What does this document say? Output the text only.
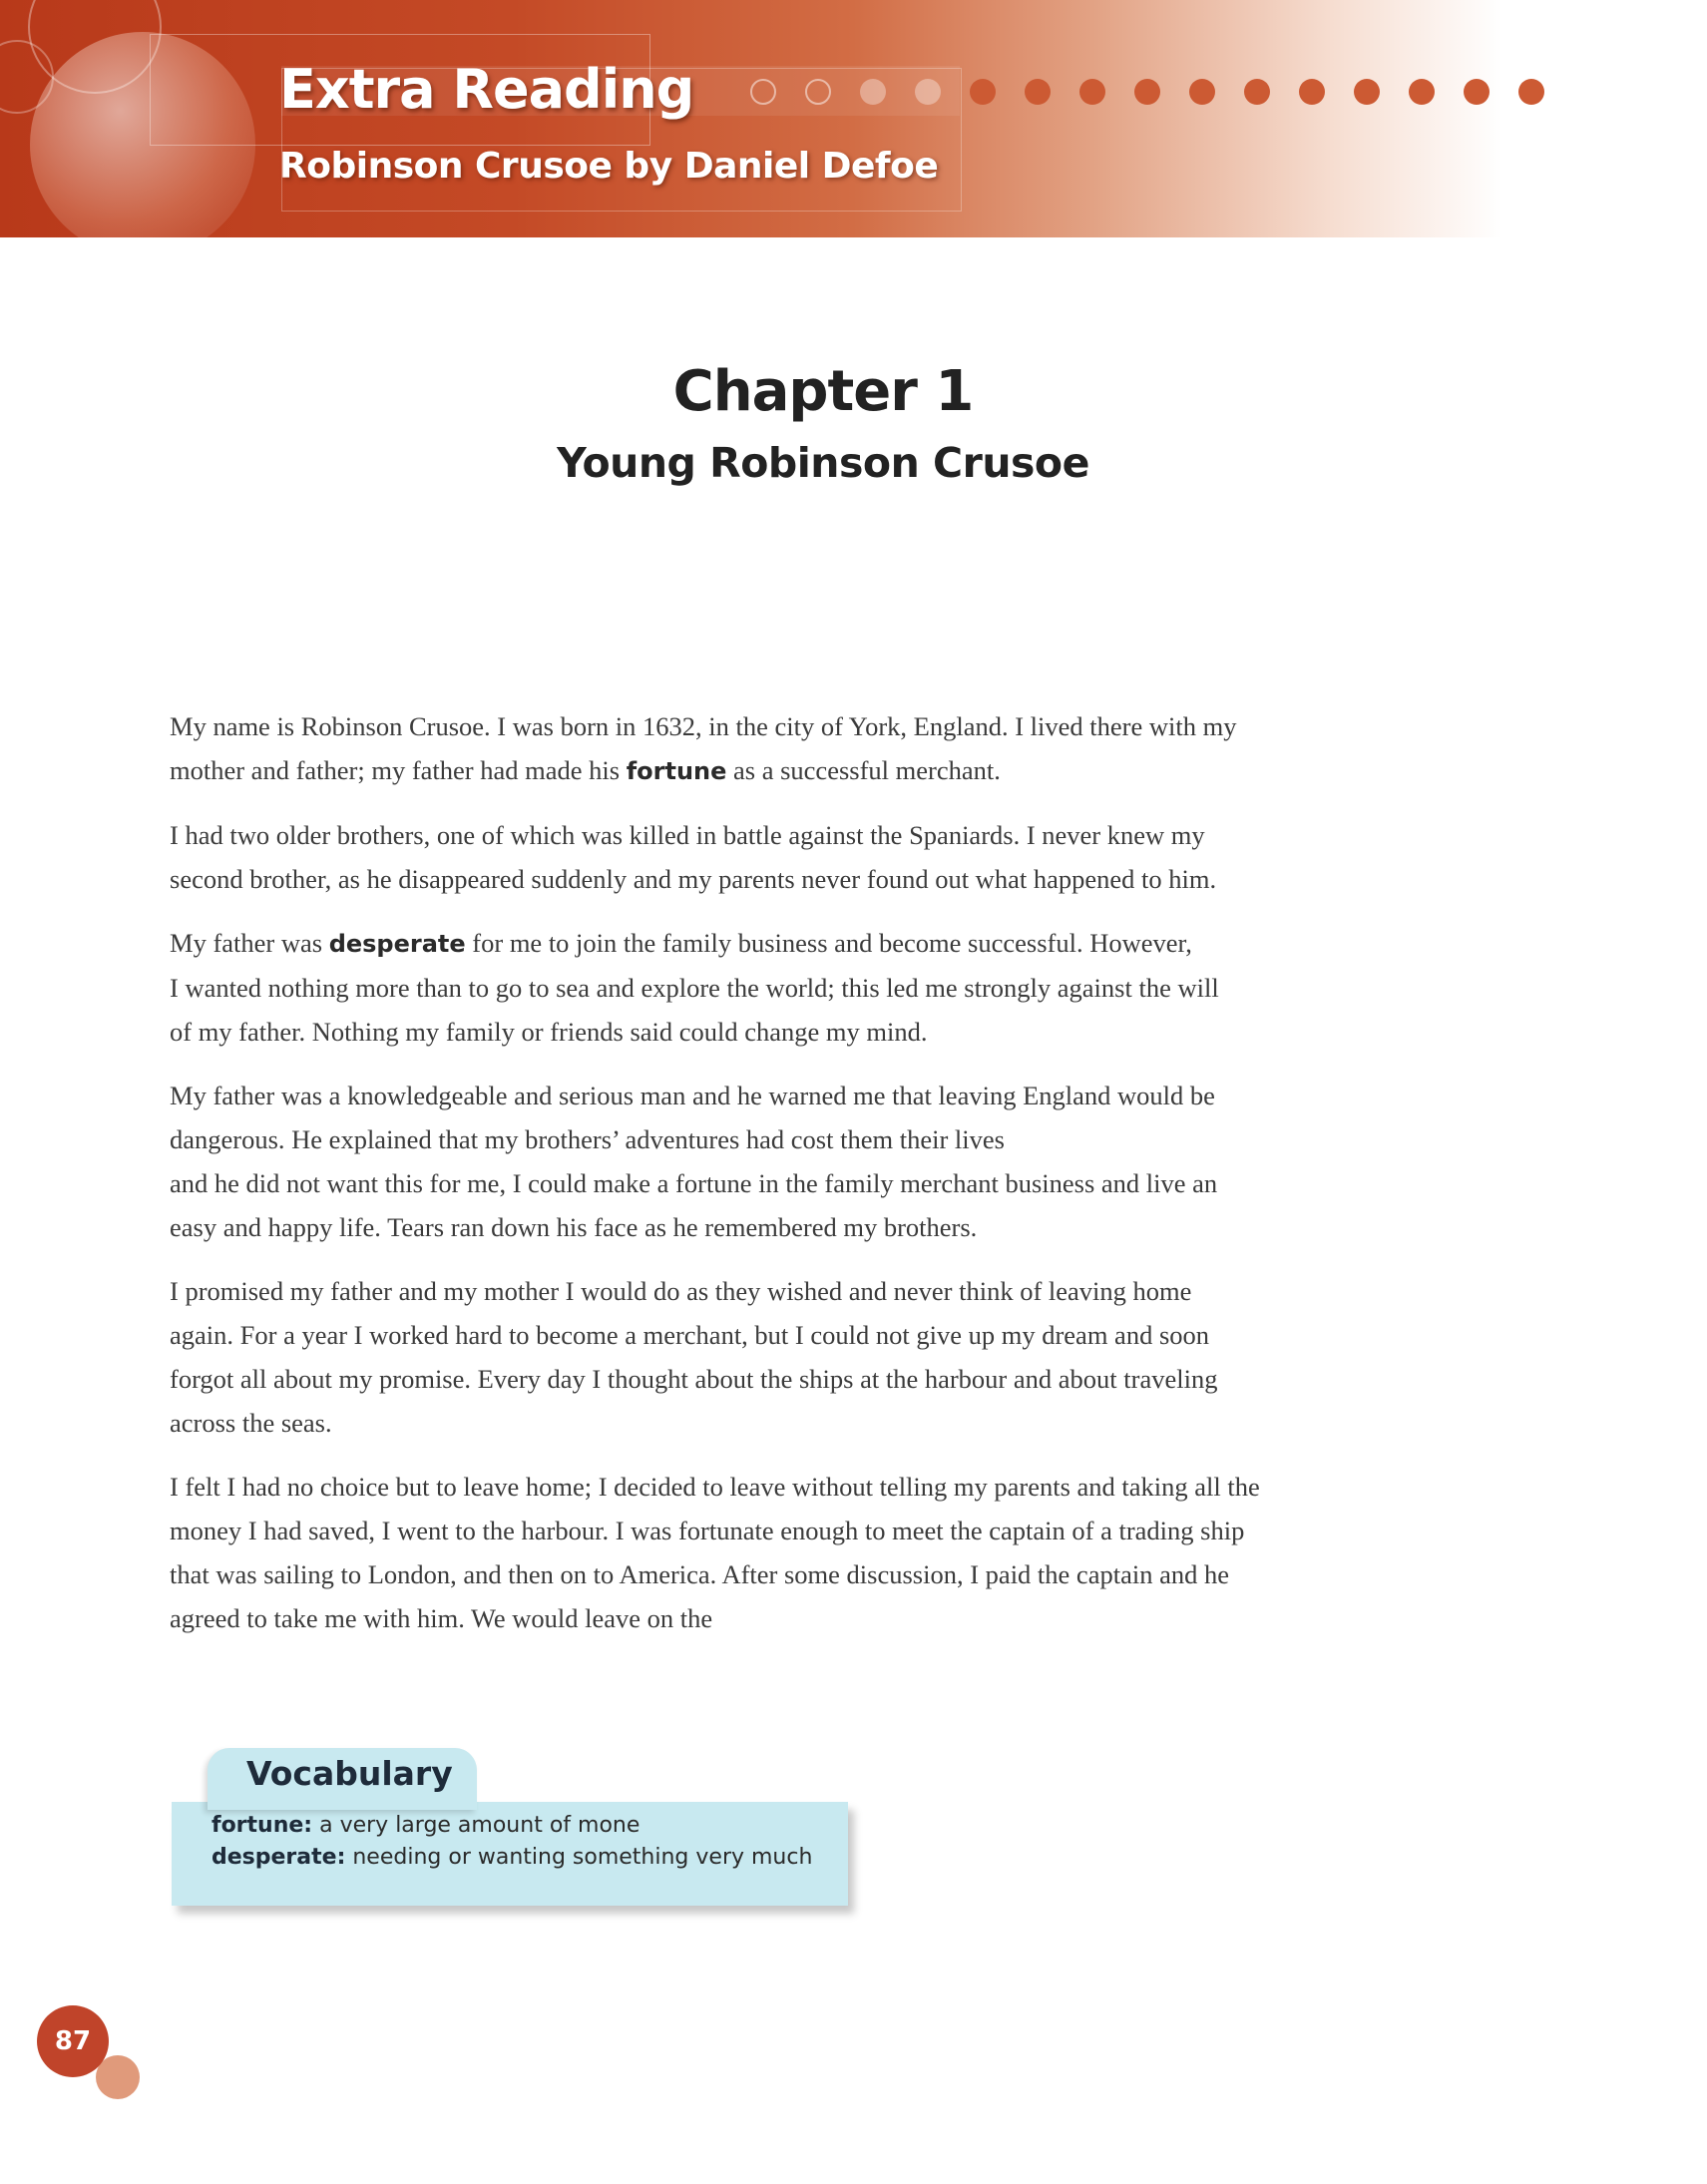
Extra Reading
Robinson Crusoe by Daniel Defoe
Chapter 1
Young Robinson Crusoe

My name is Robinson Crusoe. I was born in 1632, in the city of York, England. I lived there with my
mother and father; my father had made his fortune as a successful merchant.

I had two older brothers, one of which was killed in battle against the Spaniards. I never knew my
second brother, as he disappeared suddenly and my parents never found out what happened to him.

My father was desperate for me to join the family business and become successful. However,
I wanted nothing more than to go to sea and explore the world; this led me strongly against the will
of my father. Nothing my family or friends said could change my mind.

My father was a knowledgeable and serious man and he warned me that leaving England would be
dangerous. He explained that my brothers’ adventures had cost them their lives
and he did not want this for me, I could make a fortune in the family merchant business and live an
easy and happy life. Tears ran down his face as he remembered my brothers.

I promised my father and my mother I would do as they wished and never think of leaving home
again. For a year I worked hard to become a merchant, but I could not give up my dream and soon
forgot all about my promise. Every day I thought about the ships at the harbour and about traveling
across the seas.

I felt I had no choice but to leave home; I decided to leave without telling my parents and taking all the
money I had saved, I went to the harbour. I was fortunate enough to meet the captain of a trading ship
that was sailing to London, and then on to America. After some discussion, I paid the captain and he
agreed to take me with him. We would leave on the

Vocabulary

fortune: a very large amount of mone

desperate: needing or wanting something very much

87
